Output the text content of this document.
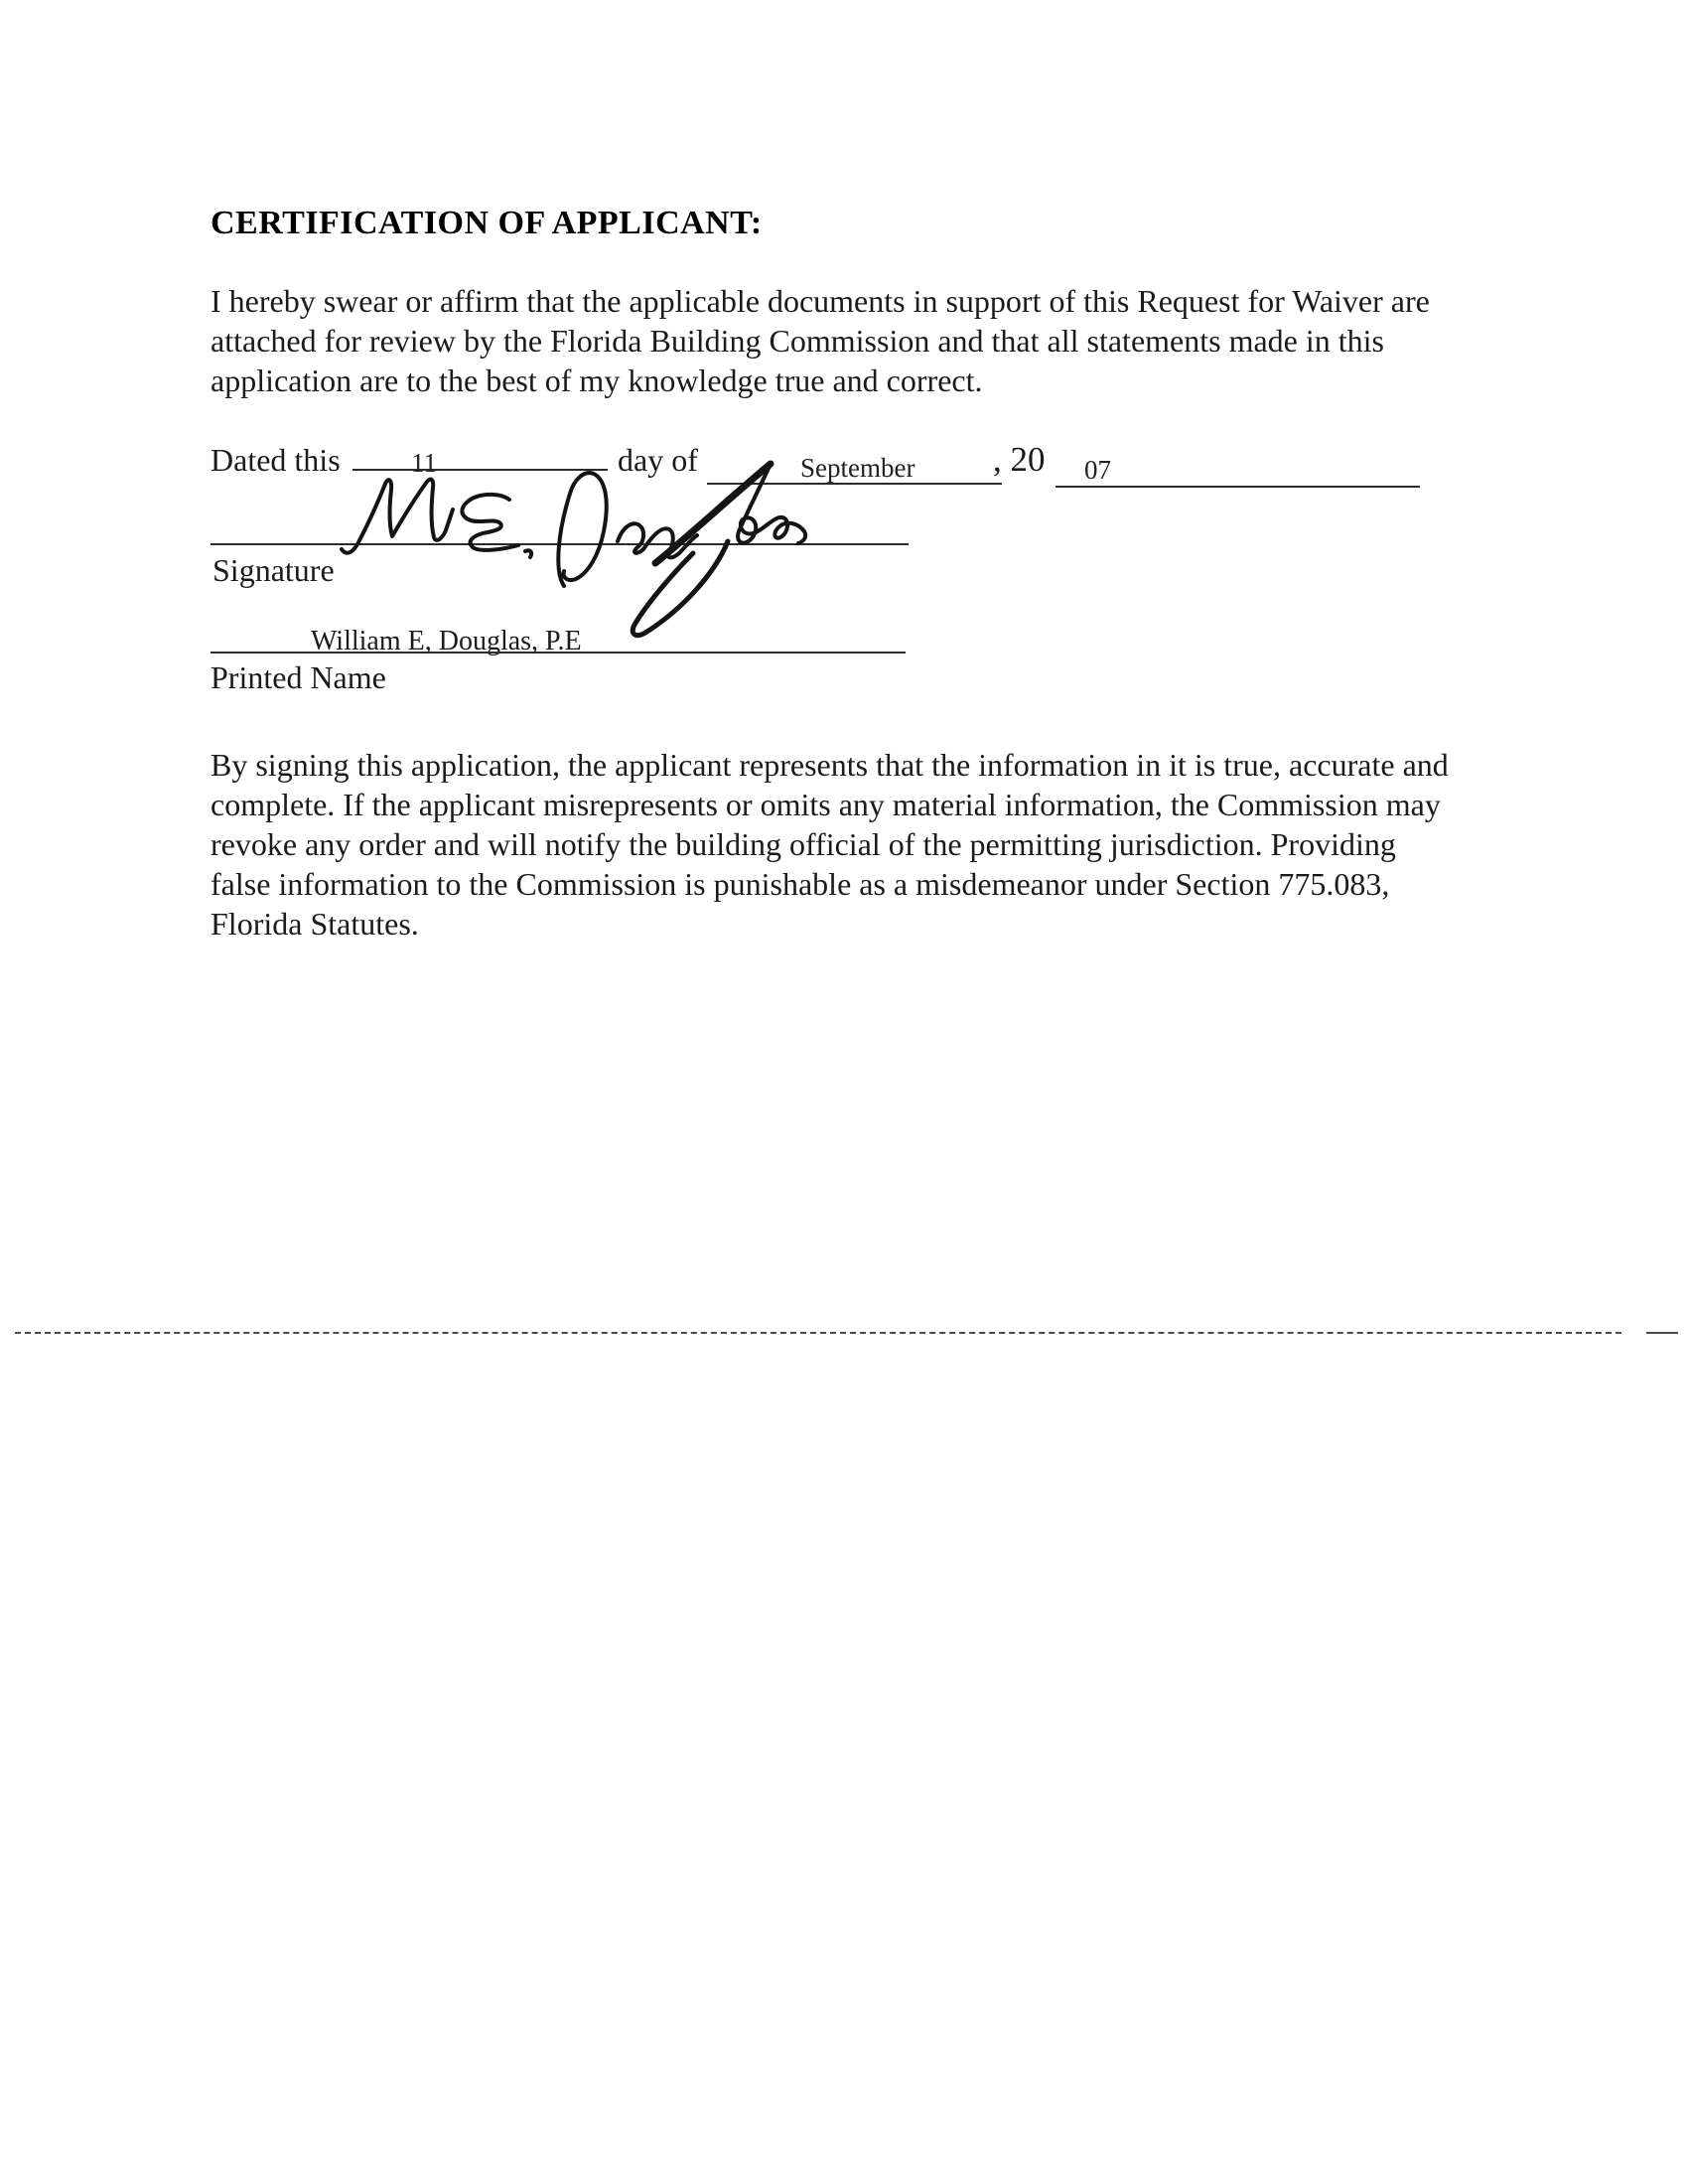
CERTIFICATION OF APPLICANT:
I hereby swear or affirm that the applicable documents in support of this Request for Waiver are
attached for review by the Florida Building Commission and that all statements made in this
application are to the best of my knowledge true and correct.
Dated this	11	day of	September , 20 07
Signature
William E, Douglas, P.E
Printed Name
By signing this application, the applicant represents that the information in it is true, accurate and
complete. If the applicant misrepresents or omits any material information, the Commission may
revoke any order and will notify the building official of the permitting jurisdiction. Providing
false information to the Commission is punishable as a misdemeanor under Section 775.083,
Florida Statutes.
